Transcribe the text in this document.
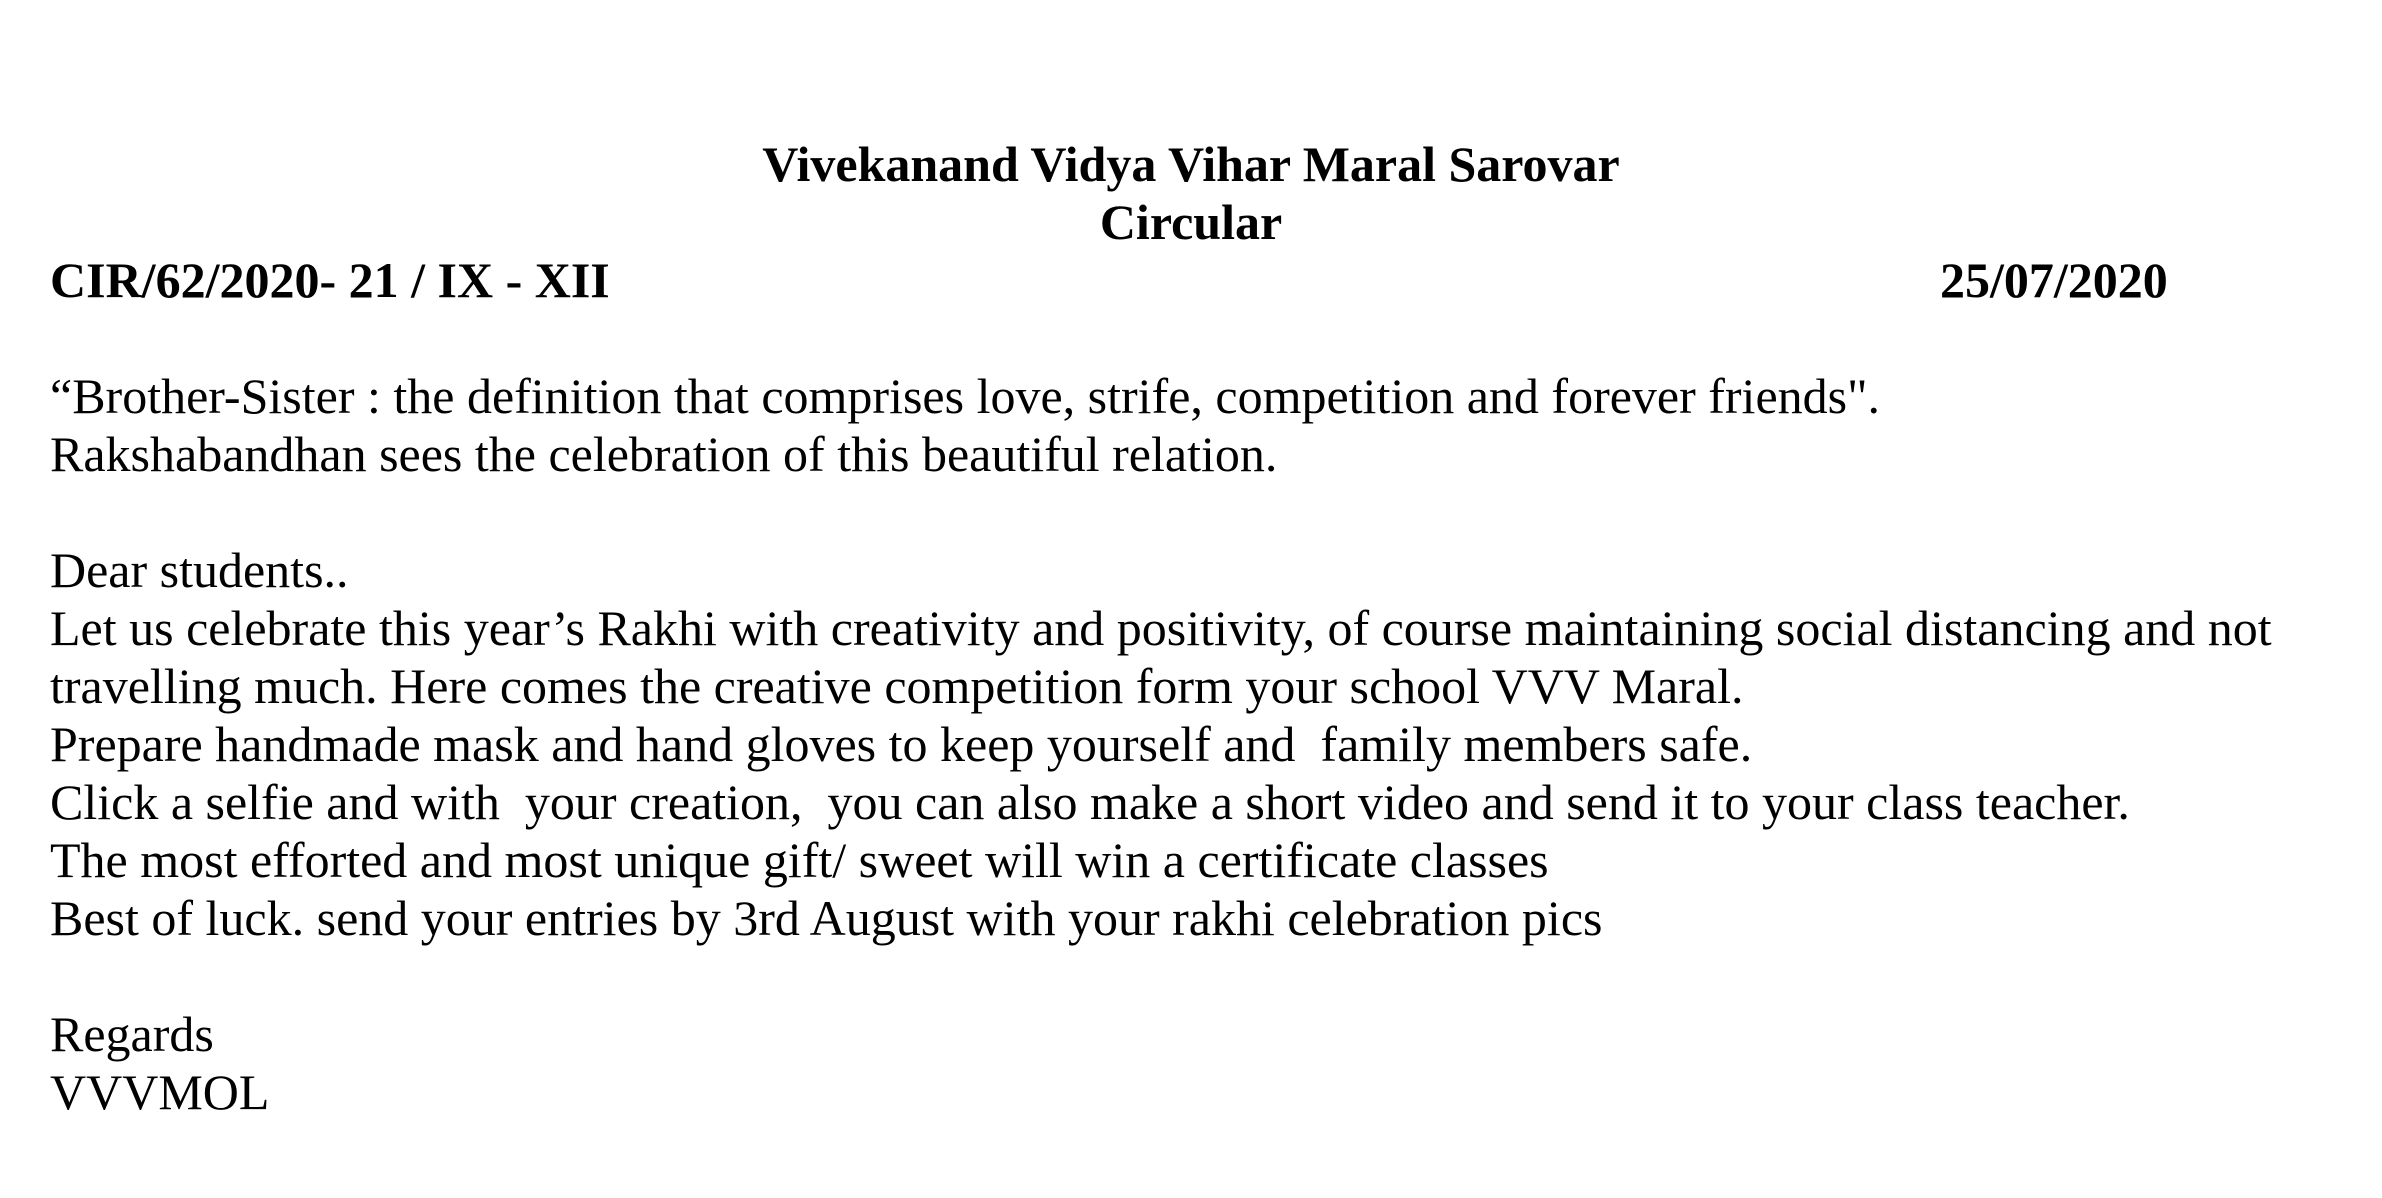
Vivekanand Vidya Vihar Maral Sarovar
Circular
CIR/62/2020- 21 / IX - XII	25/07/2020
“Brother-Sister : the definition that comprises love, strife, competition and forever friends".
Rakshabandhan sees the celebration of this beautiful relation.
Dear students..
Let us celebrate this year’s Rakhi with creativity and positivity, of course maintaining social distancing and not
travelling much. Here comes the creative competition form your school VVV Maral.
Prepare handmade mask and hand gloves to keep yourself and  family members safe.
Click a selfie and with  your creation,  you can also make a short video and send it to your class teacher.
The most efforted and most unique gift/ sweet will win a certificate classes
Best of luck. send your entries by 3rd August with your rakhi celebration pics
Regards
VVVMOL
